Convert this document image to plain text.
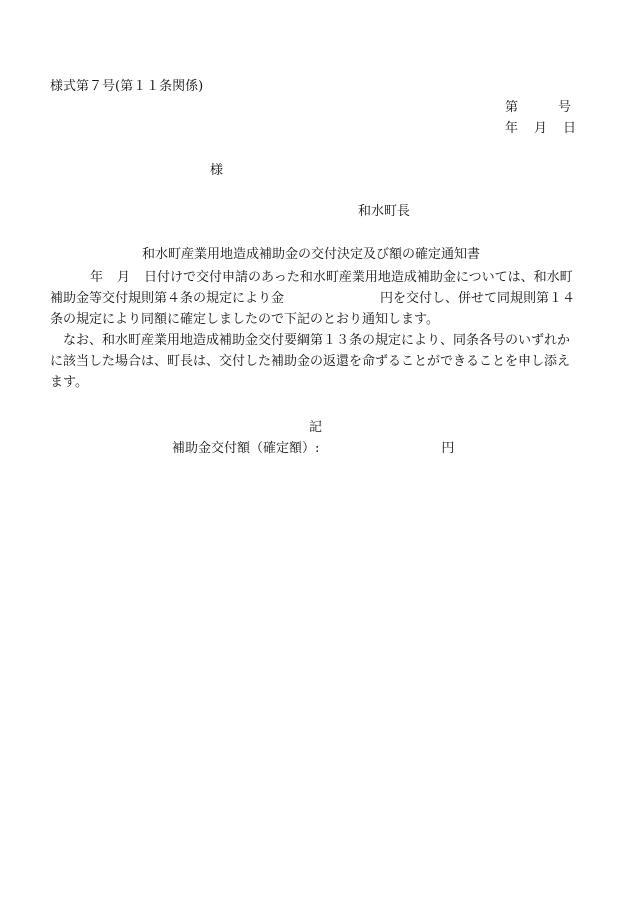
様式第７号(第１１条関係)
第	号
年 月 日
様
和水町長
和水町産業用地造成補助金の交付決定及び額の確定通知書
年 月 日付けで交付申請のあった和水町産業用地造成補助金については、和水町
補助金等交付規則第４条の規定により金	円を交付し、併せて同規則第１４
条の規定により同額に確定しましたので下記のとおり通知します。
　なお、和水町産業用地造成補助金交付要綱第１３条の規定により、同条各号のいずれか
に該当した場合は、町長は、交付した補助金の返還を命ずることができることを申し添え
ます。
記
補助金交付額（確定額）:	円
